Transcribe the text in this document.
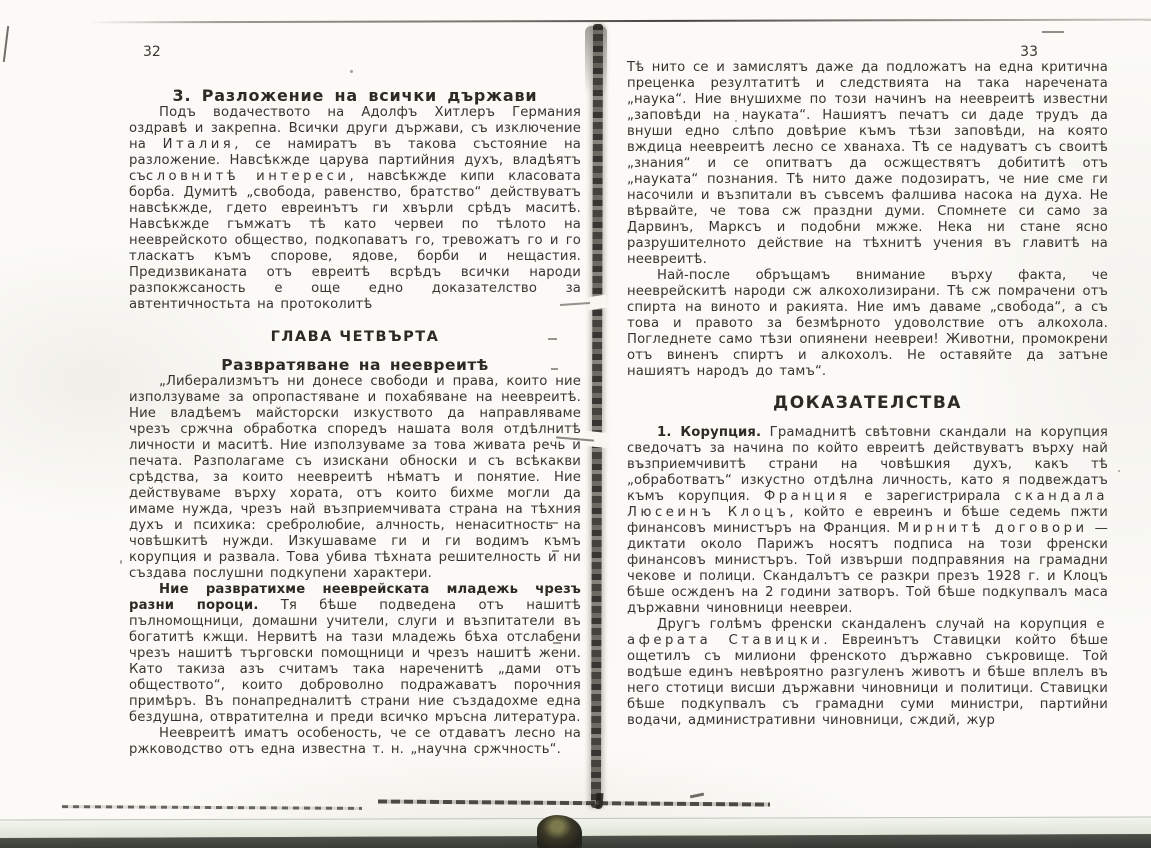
32
3. Разложение на всички държави

Подъ водачеството на Адолфъ Хитлеръ Германия оздравѣ и закрепна. Всички други държави, съ изключение на Италия, се намиратъ въ такова състояние на разложение. Навсѣкжде царува партийния духъ, владѣятъ съсловнитѣ интереси, навсѣкжде кипи класовата борба. Думитѣ „свобода, равенство, братство“ действуватъ навсѣкжде, гдето евреинътъ ги хвърли срѣдъ маситѣ. Навсѣкжде гъмжатъ тѣ като червеи по тѣлото на нееврейското общество, подкопаватъ го, тревожатъ го и го тласкатъ къмъ спорове, ядове, борби и нещастия. Предизвиканата отъ евреитѣ всрѣдъ всички народи разпокжсаность е още едно доказателство за автентичностьта на протоколитѣ

ГЛАВА ЧЕТВЪРТА
Развратяване на неевреитѣ

„Либерализмътъ ни донесе свободи и права, които ние използуваме за опропастяване и похабяване на неевреитѣ. Ние владѣемъ майсторски изкуството да направляваме чрезъ сржчна обработка споредъ нашата воля отдѣлнитѣ личности и маситѣ. Ние използуваме за това живата речь и печата. Разполагаме съ изискани обноски и съ всѣкакви срѣдства, за които неевреитѣ нѣматъ и понятие. Ние действуваме върху хората, отъ които бихме могли да имаме нужда, чрезъ най възприемчивата страна на тѣхния духъ и психика: сребролюбие, алчность, ненаситность на човѣшкитѣ нужди. Изкушаваме ги и ги водимъ къмъ корупция и развала. Това убива тѣхната решителность и ни създава послушни подкупени характери.

Ние развратихме нееврейската младежь чрезъ разни пороци. Тя бѣше подведена отъ нашитѣ пълномощници, домашни учители, слуги и възпитатели въ богатитѣ кжщи. Нервитѣ на тази младежь бѣха отслабени чрезъ нашитѣ търговски помощници и чрезъ нашитѣ жени. Като такиза азъ считамъ така нареченитѣ „дами отъ обществото“, които доброволно подражаватъ порочния примѣръ. Въ понапредналитѣ страни ние създадохме една бездушна, отвратителна и преди всичко мръсна литература.

Неевреитѣ иматъ особеность, че се отдаватъ лесно на ржководство отъ една известна т. н. „научна сржчность“.

33

Тѣ нито се и замислятъ даже да подложатъ на една критична преценка резултатитѣ и следствията на така наречената „наука“. Ние внушихме по този начинъ на неевреитѣ известни „заповѣди на науката“. Нашиятъ печатъ си даде трудъ да внуши едно слѣпо довѣрие къмъ тѣзи заповѣди, на която вждица неевреитѣ лесно се хванаха. Тѣ се надуватъ съ своитѣ „знания“ и се опитватъ да осжществятъ добититѣ отъ „науката“ познания. Тѣ нито даже подозиратъ, че ние сме ги насочили и възпитали въ съвсемъ фалшива насока на духа. Не вѣрвайте, че това сж праздни думи. Спомнете си само за Дарвинъ, Марксъ и подобни мжже. Нека ни стане ясно разрушителното действие на тѣхнитѣ учения въ главитѣ на неевреитѣ.

Най-после обръщамъ внимание върху факта, че нееврейскитѣ народи сж алкохолизирани. Тѣ сж помрачени отъ спирта на виното и ракията. Ние имъ даваме „свобода“, а съ това и правото за безмѣрното удоволствие отъ алкохола. Погледнете само тѣзи опиянени неевреи! Животни, промокрени отъ виненъ спиртъ и алкохолъ. Не оставяйте да затъне нашиятъ народъ до тамъ“.

ДОКАЗАТЕЛСТВА

1. Корупция. Грамаднитѣ свѣтовни скандали на корупция сведочатъ за начина по който евреитѣ действуватъ върху най възприемчивитѣ страни на човѣшкия духъ, какъ тѣ „обработватъ“ изкустно отдѣлна личность, като я подвеждатъ къмъ корупция. Франция е зарегистрирала скандала Люсеинъ Клоцъ, който е евреинъ и бѣше седемь пжти финансовъ министъръ на Франция. Мирнитѣ договори — диктати около Парижъ носятъ подписа на този френски финансовъ министъръ. Той извърши подправяния на грамадни чекове и полици. Скандалътъ се разкри презъ 1928 г. и Клоцъ бѣше осжденъ на 2 години затворъ. Той бѣше подкупвалъ маса държавни чиновници неевреи.

Другъ голѣмъ френски скандаленъ случай на корупция е аферата Ставицки. Евреинътъ Ставицки който бѣше ощетилъ съ милиони френското държавно съкровище. Той водѣше единъ невѣроятно разгуленъ животъ и бѣше вплелъ въ него стотици висши държавни чиновници и политици. Ставицки бѣше подкупвалъ съ грамадни суми министри, партийни водачи, административни чиновници, сждий, жур
